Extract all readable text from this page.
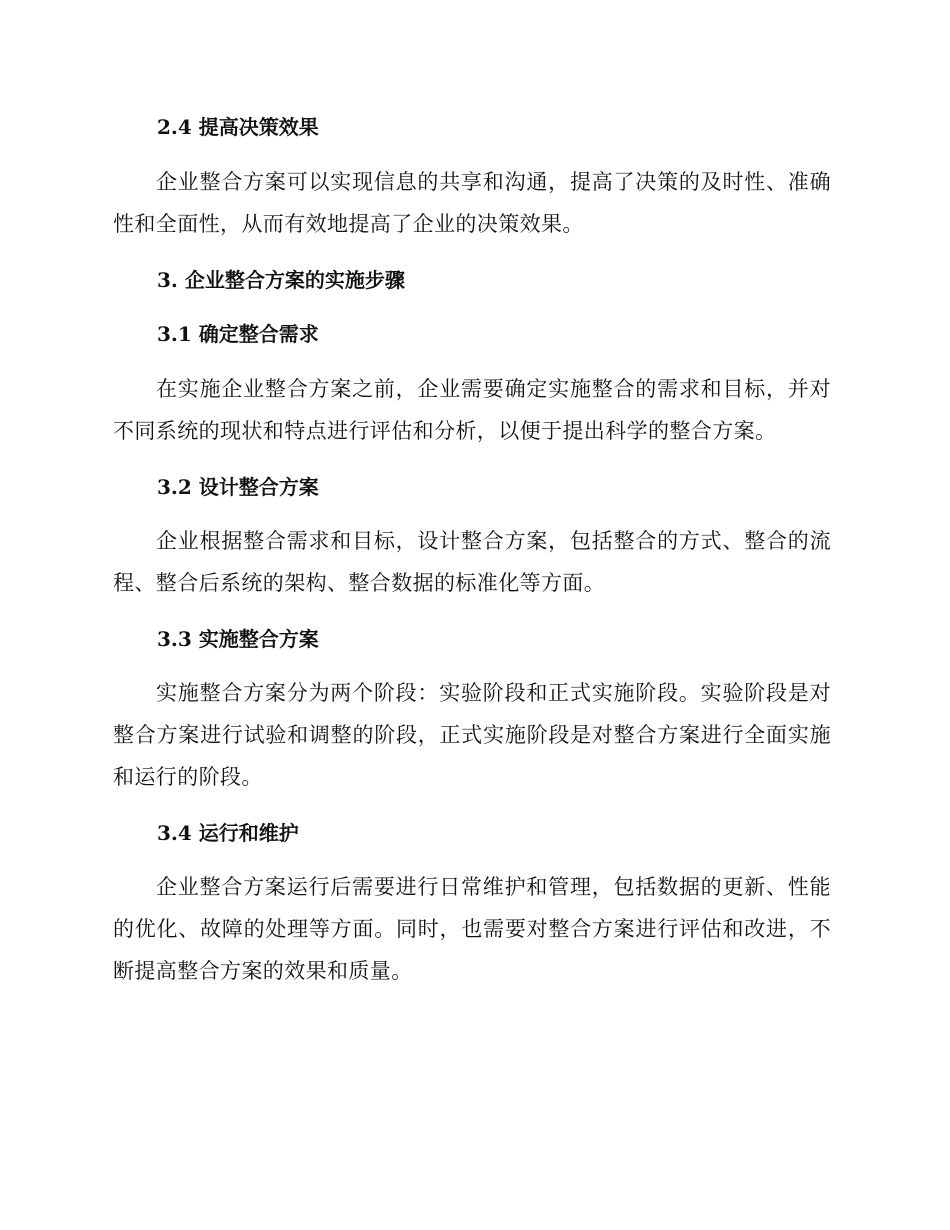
2.4 提高决策效果
企业整合方案可以实现信息的共享和沟通，提高了决策的及时性、准确性和全面性，从而有效地提高了企业的决策效果。
3. 企业整合方案的实施步骤
3.1 确定整合需求
在实施企业整合方案之前，企业需要确定实施整合的需求和目标，并对不同系统的现状和特点进行评估和分析，以便于提出科学的整合方案。
3.2 设计整合方案
企业根据整合需求和目标，设计整合方案，包括整合的方式、整合的流程、整合后系统的架构、整合数据的标准化等方面。
3.3 实施整合方案
实施整合方案分为两个阶段：实验阶段和正式实施阶段。实验阶段是对整合方案进行试验和调整的阶段，正式实施阶段是对整合方案进行全面实施和运行的阶段。
3.4 运行和维护
企业整合方案运行后需要进行日常维护和管理，包括数据的更新、性能的优化、故障的处理等方面。同时，也需要对整合方案进行评估和改进，不断提高整合方案的效果和质量。
